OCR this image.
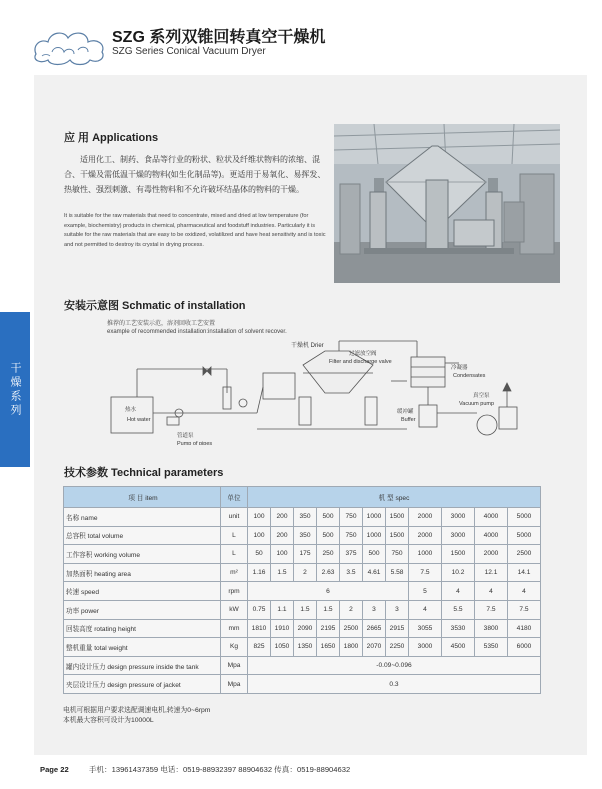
SZG 系列双锥回转真空干燥机
SZG Series Conical Vacuum Dryer
干燥系列
应 用 Applications
适用化工、制药、食品等行业的粉状、粒状及纤维状物料的浓缩、混合、干燥及需低温干燥的物料(如生化制品等)。更适用于易氧化、易挥发、热敏性、强烈刺激、有毒性物料和不允许破坏结晶体的物料的干燥。
It is suitable for the raw materials that need to concentrate, mixed and dried at low temperature (for example, biochemistry) products in chemical, pharmaceutical and foodstuff industries. Particularly it is suitable for the raw materials that are easy to be oxidized, volatilized and have heat sensitivity and is toxic and not permitted to destroy its crystal in drying process.
安装示意图 Schmatic of installation
推荐的工艺安装示范，溶剂回收工艺安置
example of recommended installation:installation of solvent recover.
干燥机 Drier
过滤放空阀
Filter and discharge valve
热水
Hot water
管道泵
Pump of pipes
冷凝器
Condensates
缓冲罐
Buffer
真空泵
Vacuum pump
技术参数 Technical parameters
项 目 item	单位	机 型 spec										
名称 name	unit	100	200	350	500	750	1000	1500	2000	3000	4000	5000
总容积 total volume	L	100	200	350	500	750	1000	1500	2000	3000	4000	5000
工作容积 working volume	L	50	100	175	250	375	500	750	1000	1500	2000	2500
加热面积 heating area	m²	1.16	1.5	2	2.63	3.5	4.61	5.58	7.5	10.2	12.1	14.1
转速 speed	rpm	6							5	4	4	4
功率 power	kW	0.75	1.1	1.5	1.5	2	3	3	4	5.5	7.5	7.5
回装高度 rotating height	mm	1810	1910	2090	2195	2500	2665	2915	3055	3530	3800	4180
整机重量 total weight	Kg	825	1050	1350	1650	1800	2070	2250	3000	4500	5350	6000
罐内设计压力 design pressure inside the tank	Mpa	-0.09~0.096										
夹层设计压力 design pressure of jacket	Mpa	0.3										
电机可根据用户要求选配调速电机,转速为0~6rpm
本机最大容积可设计为10000L
Page 22	手机：13961437359 电话：0519-88932397 88904632 传真：0519-88904632
